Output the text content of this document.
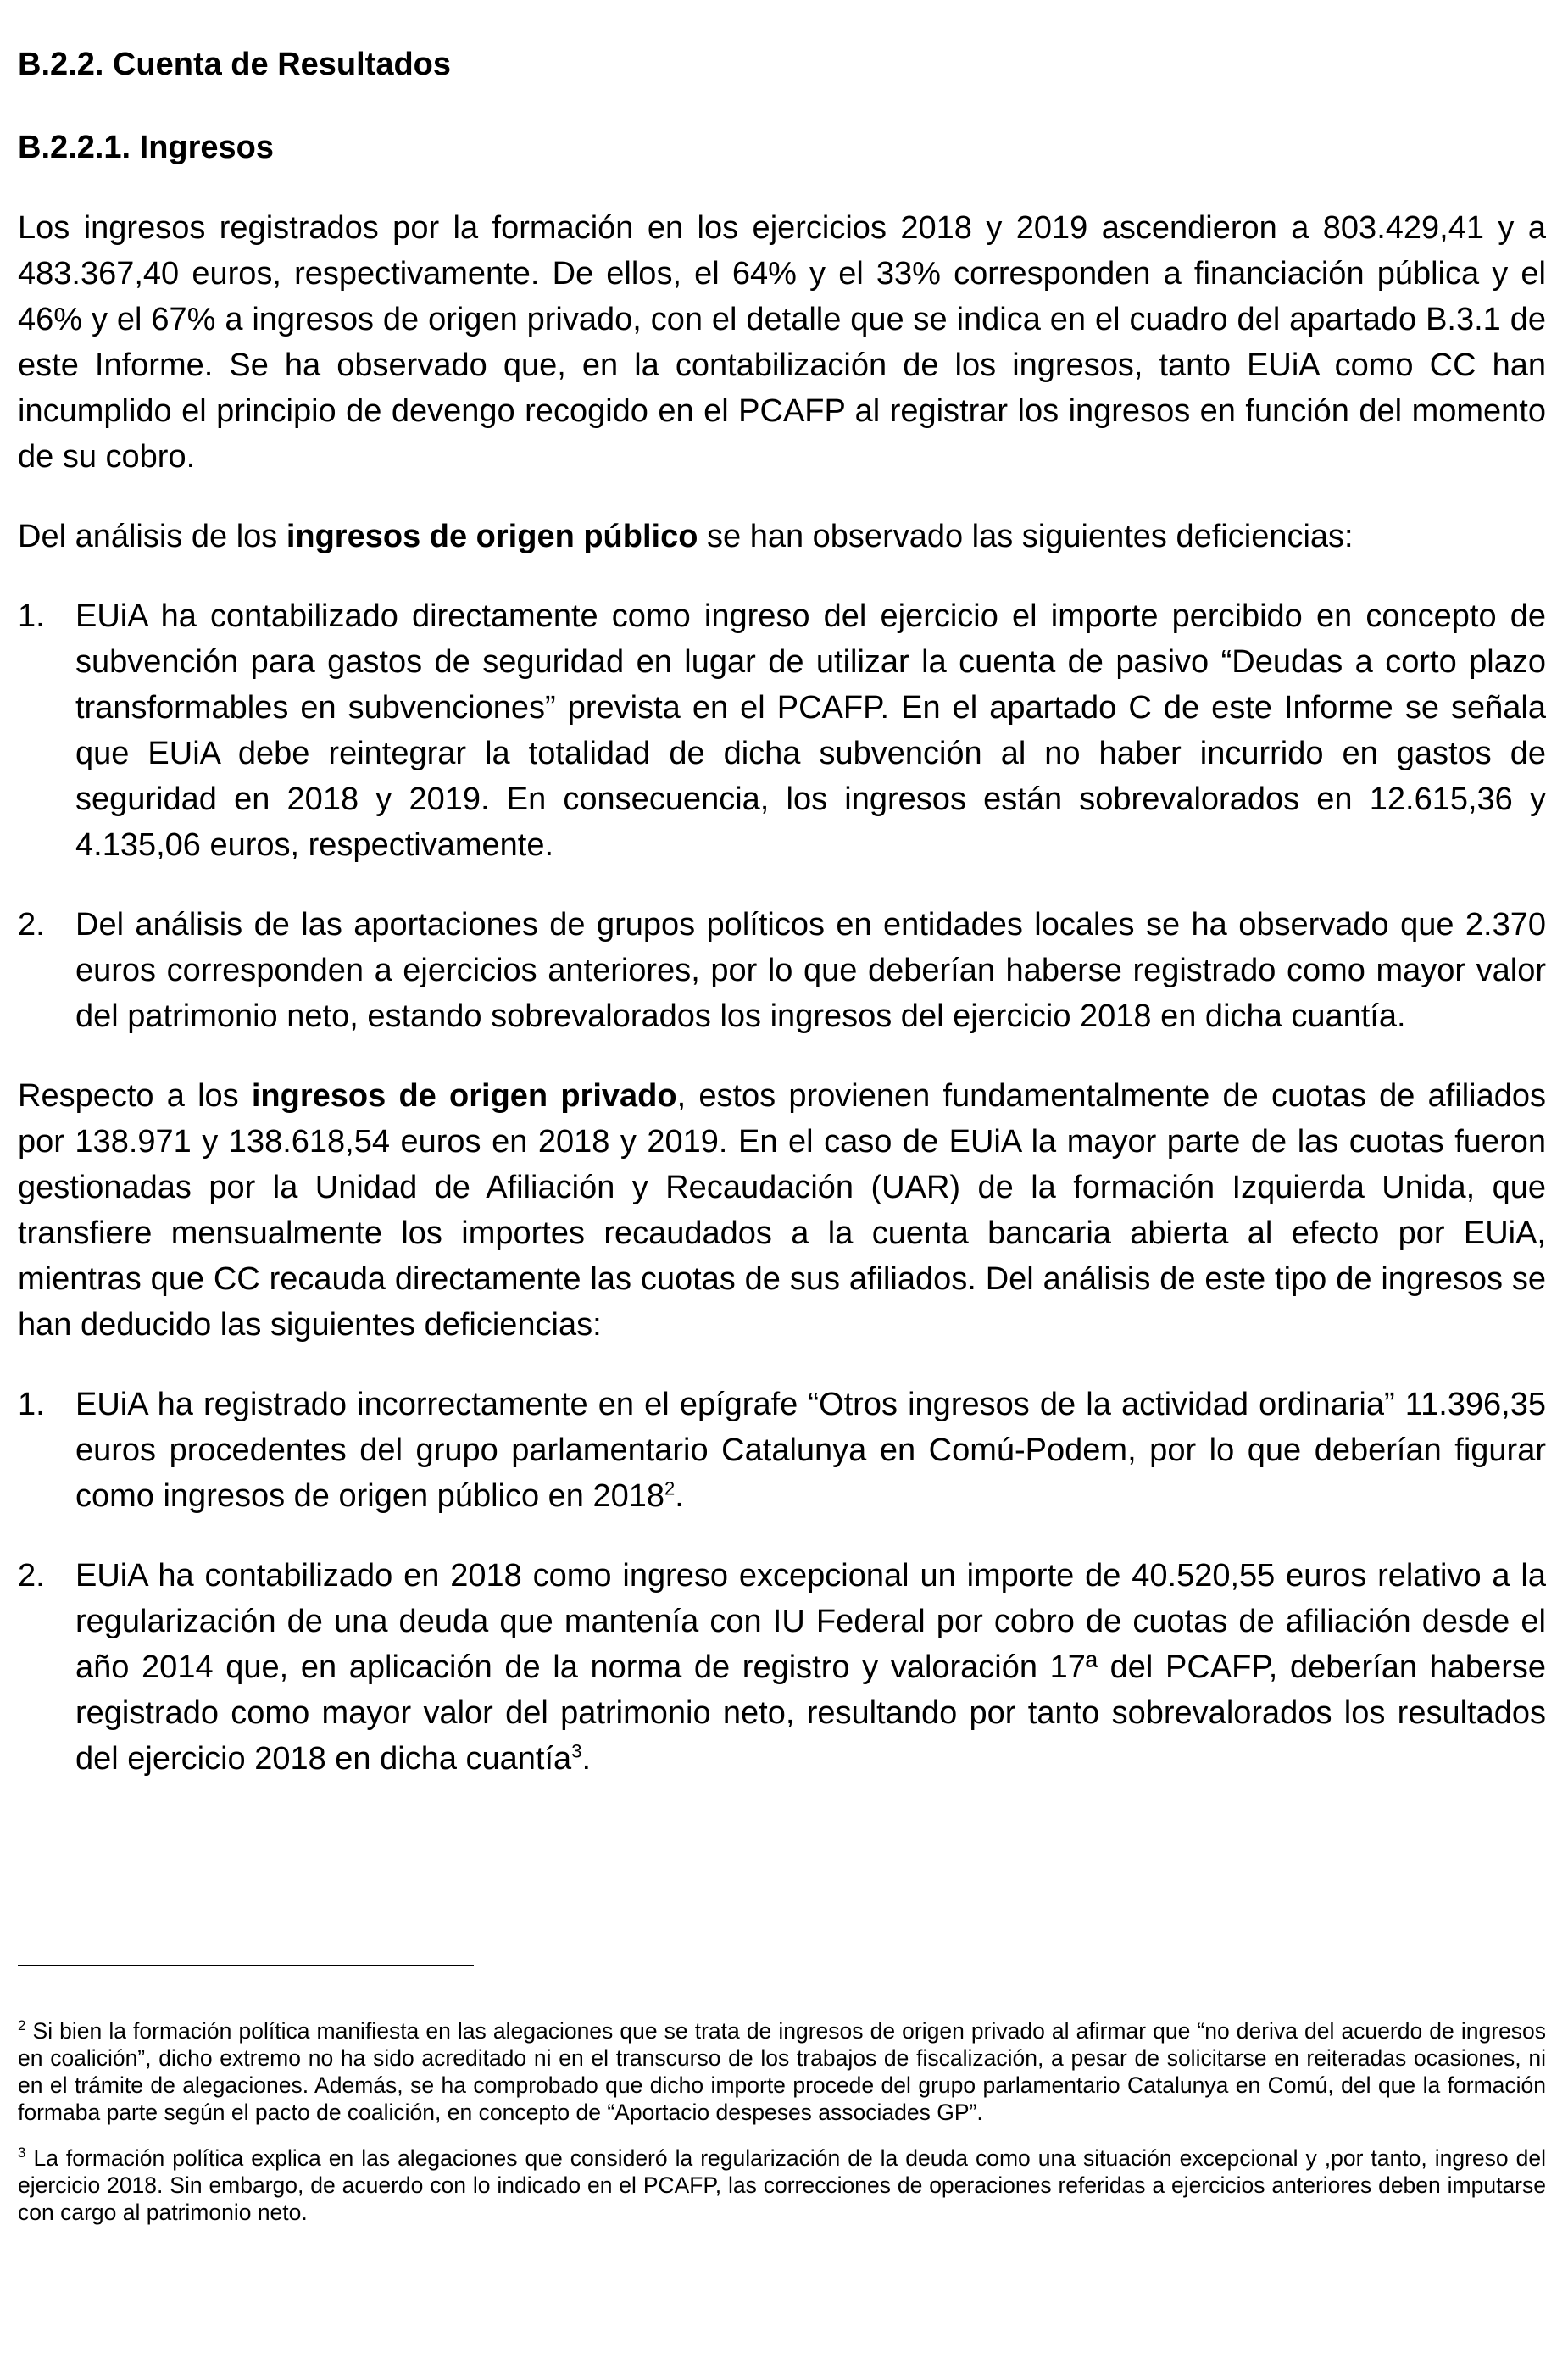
B.2.2. Cuenta de Resultados
B.2.2.1. Ingresos

Los ingresos registrados por la formación en los ejercicios 2018 y 2019 ascendieron a 803.429,41 y a 483.367,40 euros, respectivamente. De ellos, el 64% y el 33% corresponden a financiación pública y el 46% y el 67% a ingresos de origen privado, con el detalle que se indica en el cuadro del apartado B.3.1 de este Informe. Se ha observado que, en la contabilización de los ingresos, tanto EUiA como CC han incumplido el principio de devengo recogido en el PCAFP al registrar los ingresos en función del momento de su cobro.

Del análisis de los ingresos de origen público se han observado las siguientes deficiencias:

1. EUiA ha contabilizado directamente como ingreso del ejercicio el importe percibido en concepto de subvención para gastos de seguridad en lugar de utilizar la cuenta de pasivo “Deudas a corto plazo transformables en subvenciones” prevista en el PCAFP. En el apartado C de este Informe se señala que EUiA debe reintegrar la totalidad de dicha subvención al no haber incurrido en gastos de seguridad en 2018 y 2019. En consecuencia, los ingresos están sobrevalorados en 12.615,36 y 4.135,06 euros, respectivamente.

2. Del análisis de las aportaciones de grupos políticos en entidades locales se ha observado que 2.370 euros corresponden a ejercicios anteriores, por lo que deberían haberse registrado como mayor valor del patrimonio neto, estando sobrevalorados los ingresos del ejercicio 2018 en dicha cuantía.

Respecto a los ingresos de origen privado, estos provienen fundamentalmente de cuotas de afiliados por 138.971 y 138.618,54 euros en 2018 y 2019. En el caso de EUiA la mayor parte de las cuotas fueron gestionadas por la Unidad de Afiliación y Recaudación (UAR) de la formación Izquierda Unida, que transfiere mensualmente los importes recaudados a la cuenta bancaria abierta al efecto por EUiA, mientras que CC recauda directamente las cuotas de sus afiliados. Del análisis de este tipo de ingresos se han deducido las siguientes deficiencias:

1. EUiA ha registrado incorrectamente en el epígrafe “Otros ingresos de la actividad ordinaria” 11.396,35 euros procedentes del grupo parlamentario Catalunya en Comú-Podem, por lo que deberían figurar como ingresos de origen público en 2018$^2$.

2. EUiA ha contabilizado en 2018 como ingreso excepcional un importe de 40.520,55 euros relativo a la regularización de una deuda que mantenía con IU Federal por cobro de cuotas de afiliación desde el año 2014 que, en aplicación de la norma de registro y valoración 17ª del PCAFP, deberían haberse registrado como mayor valor del patrimonio neto, resultando por tanto sobrevalorados los resultados del ejercicio 2018 en dicha cuantía$^3$.

$^2$ Si bien la formación política manifiesta en las alegaciones que se trata de ingresos de origen privado al afirmar que “no deriva del acuerdo de ingresos en coalición”, dicho extremo no ha sido acreditado ni en el transcurso de los trabajos de fiscalización, a pesar de solicitarse en reiteradas ocasiones, ni en el trámite de alegaciones. Además, se ha comprobado que dicho importe procede del grupo parlamentario Catalunya en Comú, del que la formación formaba parte según el pacto de coalición, en concepto de “Aportacio despeses associades GP”.

$^3$ La formación política explica en las alegaciones que consideró la regularización de la deuda como una situación excepcional y ,por tanto, ingreso del ejercicio 2018. Sin embargo, de acuerdo con lo indicado en el PCAFP, las correcciones de operaciones referidas a ejercicios anteriores deben imputarse con cargo al patrimonio neto.
